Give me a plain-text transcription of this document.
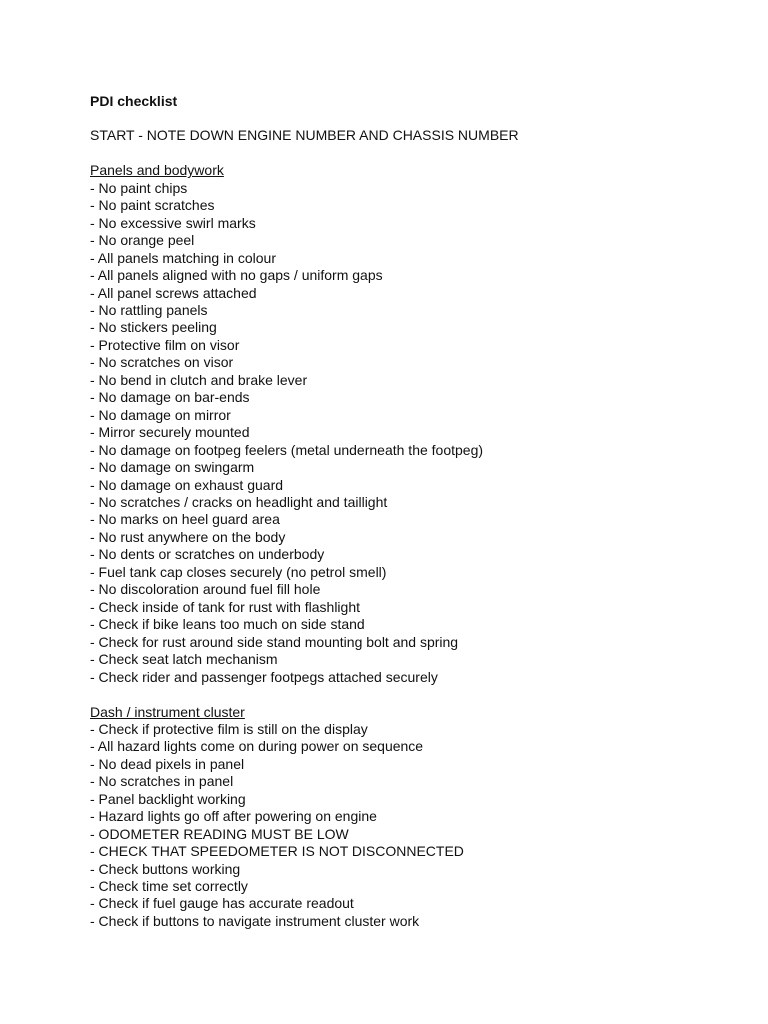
PDI checklist

START - NOTE DOWN ENGINE NUMBER AND CHASSIS NUMBER

Panels and bodywork

- No paint chips
- No paint scratches
- No excessive swirl marks
- No orange peel
- All panels matching in colour
- All panels aligned with no gaps / uniform gaps
- All panel screws attached
- No rattling panels
- No stickers peeling
- Protective film on visor
- No scratches on visor
- No bend in clutch and brake lever
- No damage on bar-ends
- No damage on mirror
- Mirror securely mounted
- No damage on footpeg feelers (metal underneath the footpeg)
- No damage on swingarm
- No damage on exhaust guard
- No scratches / cracks on headlight and taillight
- No marks on heel guard area
- No rust anywhere on the body
- No dents or scratches on underbody
- Fuel tank cap closes securely (no petrol smell)
- No discoloration around fuel fill hole
- Check inside of tank for rust with flashlight
- Check if bike leans too much on side stand
- Check for rust around side stand mounting bolt and spring
- Check seat latch mechanism
- Check rider and passenger footpegs attached securely

Dash / instrument cluster

- Check if protective film is still on the display
- All hazard lights come on during power on sequence
- No dead pixels in panel
- No scratches in panel
- Panel backlight working
- Hazard lights go off after powering on engine
- ODOMETER READING MUST BE LOW
- CHECK THAT SPEEDOMETER IS NOT DISCONNECTED
- Check buttons working
- Check time set correctly
- Check if fuel gauge has accurate readout
- Check if buttons to navigate instrument cluster work
